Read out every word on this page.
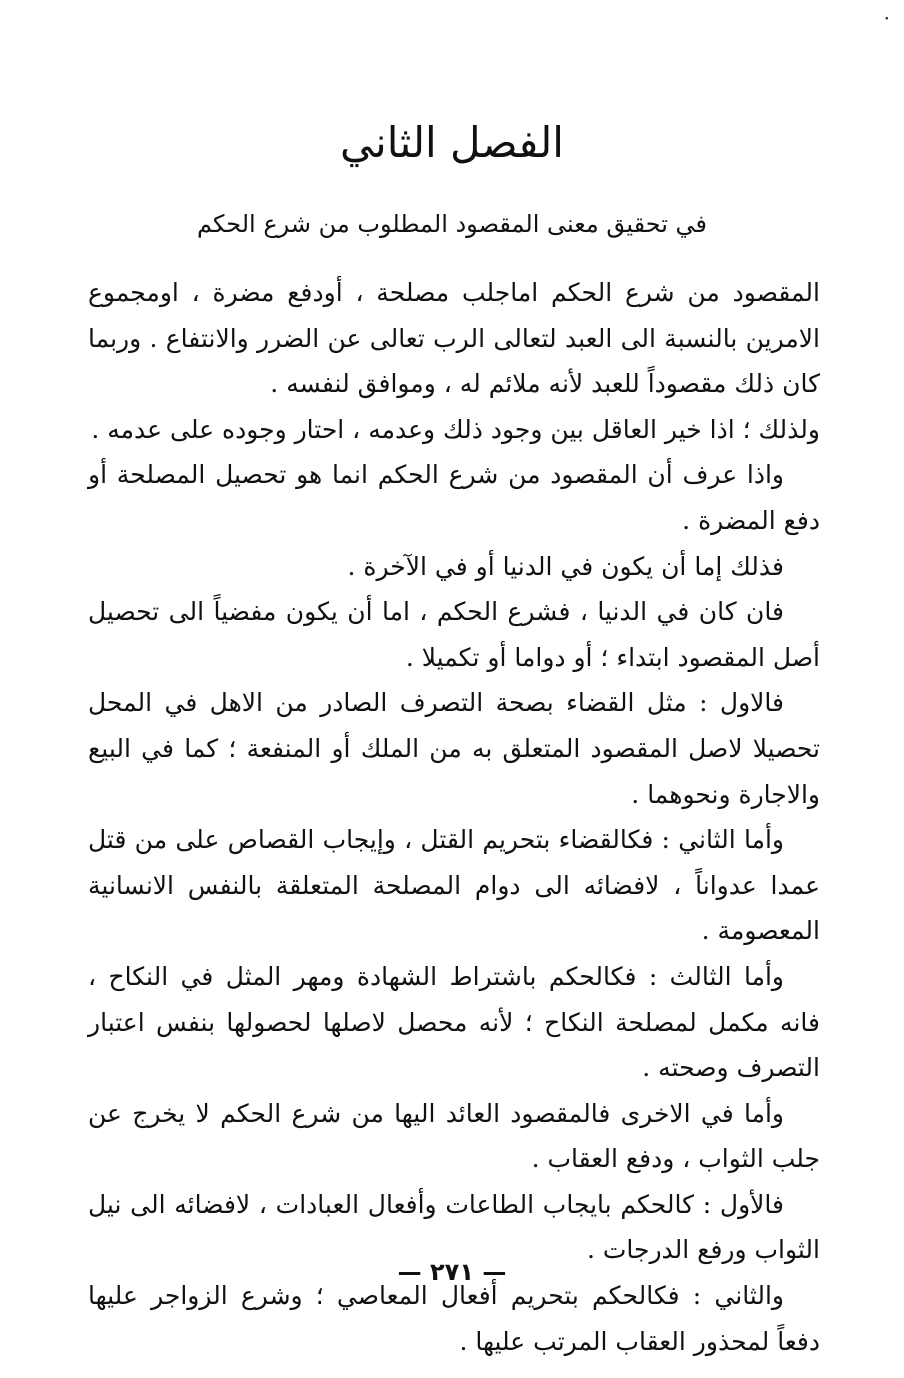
·
الفصل الثاني
في تحقيق معنى المقصود المطلوب من شرع الحكم

المقصود من شرع الحكم اماجلب مصلحة ، أودفع مضرة ، اومجموع الامرين بالنسبة الى العبد لتعالى الرب تعالى عن الضرر والانتفاع . وربما كان ذلك مقصوداً للعبد لأنه ملائم له ، وموافق لنفسه .

ولذلك ؛ اذا خير العاقل بين وجود ذلك وعدمه ، احتار وجوده على عدمه .

واذا عرف أن المقصود من شرع الحكم انما هو تحصيل المصلحة أو دفع المضرة .

فذلك إما أن يكون في الدنيا أو في الآخرة .

فان كان في الدنيا ، فشرع الحكم ، اما أن يكون مفضياً الى تحصيل أصل المقصود ابتداء ؛ أو دواما أو تكميلا .

فالاول : مثل القضاء بصحة التصرف الصادر من الاهل في المحل تحصيلا لاصل المقصود المتعلق به من الملك أو المنفعة ؛ كما في البيع والاجارة ونحوهما .

وأما الثاني : فكالقضاء بتحريم القتل ، وإيجاب القصاص على من قتل عمدا عدواناً ، لافضائه الى دوام المصلحة المتعلقة بالنفس الانسانية المعصومة .

وأما الثالث : فكالحكم باشتراط الشهادة ومهر المثل في النكاح ، فانه مكمل لمصلحة النكاح ؛ لأنه محصل لاصلها لحصولها بنفس اعتبار التصرف وصحته .

وأما في الاخرى فالمقصود العائد اليها من شرع الحكم لا يخرج عن جلب الثواب ، ودفع العقاب .

فالأول : كالحكم بايجاب الطاعات وأفعال العبادات ، لافضائه الى نيل الثواب ورفع الدرجات .

والثاني : فكالحكم بتحريم أفعال المعاصي ؛ وشرع الزواجر عليها دفعاً لمحذور العقاب المرتب عليها .

— ٢٧١ —
